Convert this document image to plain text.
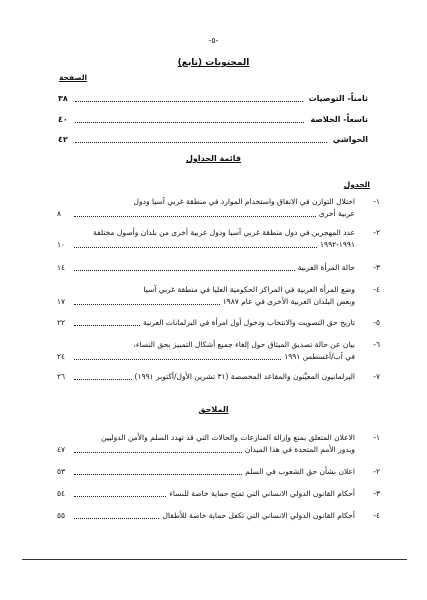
-٥-
المحتويات (تابع)
الصفحة
ثامناً- التوصيات
٣٨
تاسعاً- الخلاصة
٤٠
الحواشي
٤٢
قائمة الجداول
الجدول
١-
اختلال التوازن في الانفاق واستخدام الموارد في منطقة غربي آسيا ودول
عربية أخرى
٨
٢-
عدد المهجرين في دول منطقة غربي آسيا ودول عربية أخرى من بلدان وأصول مختلفة
١٩٩١-١٩٩٢
١٠
٣-
حالة المرأة العربية
١٤
٤-
وضع المرأة العربية في المراكز الحكومية العليا في منطقة غربي آسيا
وبعض البلدان العربية الأخرى في عام ١٩٨٧
١٧
٥-
تاريخ حق التصويت والانتخاب ودخول أول امرأة في البرلمانات العربية
٢٢
٦-
بيان عن حالة تصديق الميثاق حول إلغاء جميع أشكال التمييز بحق النساء،
في آب/أغسطس ١٩٩١
٢٤
٧-
البرلمانيون المعيَّنون والمقاعد المخصصة (٣١ تشرين الأول/أكتوبر ١٩٩١)
٢٦
الملاحق
١-
الاعلان المتعلق بمنع وإزالة المنازعات والحالات التي قد تهدد السلم والأمن الدوليين
وبدور الأمم المتحدة في هذا الميدان
٤٧
٢-
اعلان بشأن حق الشعوب في السلم
٥٣
٣-
أحكام القانون الدولي الانساني التي تمنح حماية خاصة للنساء
٥٤
٤-
أحكام القانون الدولي الانساني التي تكفل حماية خاصة للأطفال
٥٥
